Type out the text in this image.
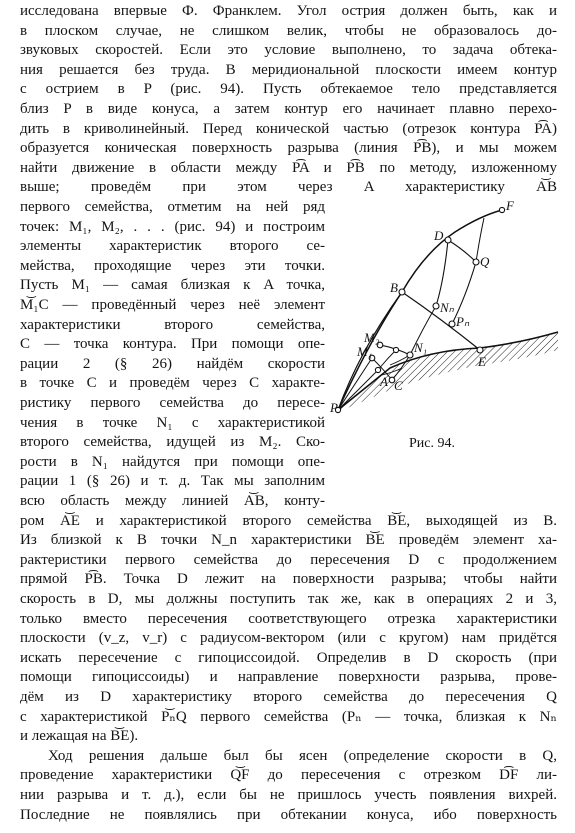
исследована впервые Ф. Франклем. Угол острия должен быть, как и
в плоском случае, не слишком велик, чтобы не образовалось до-
звуковых скоростей. Если это условие выполнено, то задача обтека-
ния решается без труда. В меридиональной плоскости имеем контур
с острием в P (рис. 94). Пусть обтекаемое тело представляется
близ P в виде конуса, а затем контур его начинает плавно перехо-
дить в криволинейный. Перед конической частью (отрезок контура P͡A)
образуется коническая поверхность разрыва (линия P͡B), и мы можем
найти движение в области между P͡A и P͡B по методу, изложенному
выше; проведём при этом через A характеристику A͝B
первого семейства, отметим на ней ряд
точек: M₁, M₂, . . . (рис. 94) и построим
элементы характеристик второго се-
мейства, проходящие через эти точки.
Пусть M₁ — самая близкая к A точка,
M͝₁C — проведённый через неё элемент
характеристики второго семейства,
C — точка контура. При помощи опе-
рации 2 (§ 26) найдём скорости
в точке C и проведём через C характе-
ристику первого семейства до пересе-
чения в точке N₁ с характеристикой
второго семейства, идущей из M₂. Ско-
рости в N₁ найдутся при помощи опе-
рации 1 (§ 26) и т. д. Так мы заполним
всю область между линией A͝B, конту-
F
D
Q
B
Nₙ
Pₙ
M₂
M₁	N₁
E
C
A
P
Рис. 94.
ром A͝E и характеристикой второго семейства B͝E, выходящей из B.
Из близкой к B точки N_n характеристики B͝E проведём элемент ха-
рактеристики первого семейства до пересечения D с продолжением
прямой P͡B. Точка D лежит на поверхности разрыва; чтобы найти
скорость в D, мы должны поступить так же, как в операциях 2 и 3,
только вместо пересечения соответствующего отрезка характеристики
плоскости (v_z, v_r) с радиусом-вектором (или с кругом) нам придётся
искать пересечение с гипоциссоидой. Определив в D скорость (при
помощи гипоциссоиды) и направление поверхности разрыва, прове-
дём из D характеристику второго семейства до пересечения Q
с характеристикой P͝ₙQ первого семейства (Pₙ — точка, близкая к Nₙ
и лежащая на B͝E).
Ход решения дальше был бы ясен (определение скорости в Q,
проведение характеристики Q͝F до пересечения с отрезком D͡F ли-
нии разрыва и т. д.), если бы не пришлось учесть появления вихрей.
Последние не появлялись при обтекании конуса, ибо поверхность
